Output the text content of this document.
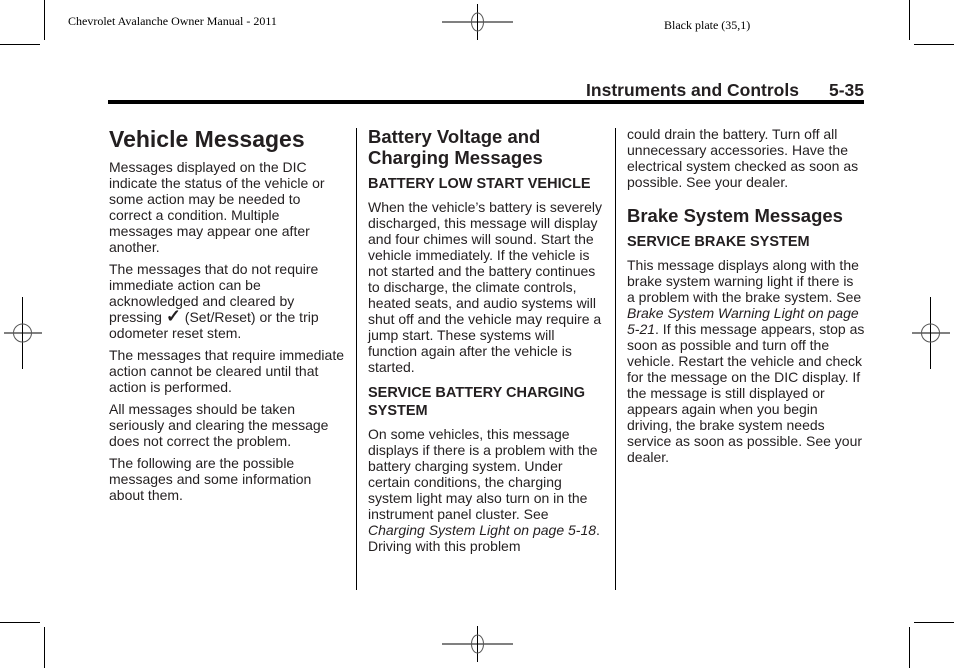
Chevrolet Avalanche Owner Manual - 2011	Black plate (35,1)
Instruments and Controls 5-35
Vehicle Messages

Messages displayed on the DIC indicate the status of the vehicle or some action may be needed to correct a condition. Multiple messages may appear one after another.

The messages that do not require immediate action can be acknowledged and cleared by pressing ✓ (Set/Reset) or the trip odometer reset stem.

The messages that require immediate action cannot be cleared until that action is performed.

All messages should be taken seriously and clearing the message does not correct the problem.

The following are the possible messages and some information about them.

Battery Voltage and Charging Messages
BATTERY LOW START VEHICLE

When the vehicle’s battery is severely discharged, this message will display and four chimes will sound. Start the vehicle immediately. If the vehicle is not started and the battery continues to discharge, the climate controls, heated seats, and audio systems will shut off and the vehicle may require a jump start. These systems will function again after the vehicle is started.

SERVICE BATTERY CHARGING SYSTEM

On some vehicles, this message displays if there is a problem with the battery charging system. Under certain conditions, the charging system light may also turn on in the instrument panel cluster. See Charging System Light on page 5-18. Driving with this problem

could drain the battery. Turn off all unnecessary accessories. Have the electrical system checked as soon as possible. See your dealer.

Brake System Messages
SERVICE BRAKE SYSTEM

This message displays along with the brake system warning light if there is a problem with the brake system. See Brake System Warning Light on page 5-21. If this message appears, stop as soon as possible and turn off the vehicle. Restart the vehicle and check for the message on the DIC display. If the message is still displayed or appears again when you begin driving, the brake system needs service as soon as possible. See your dealer.
